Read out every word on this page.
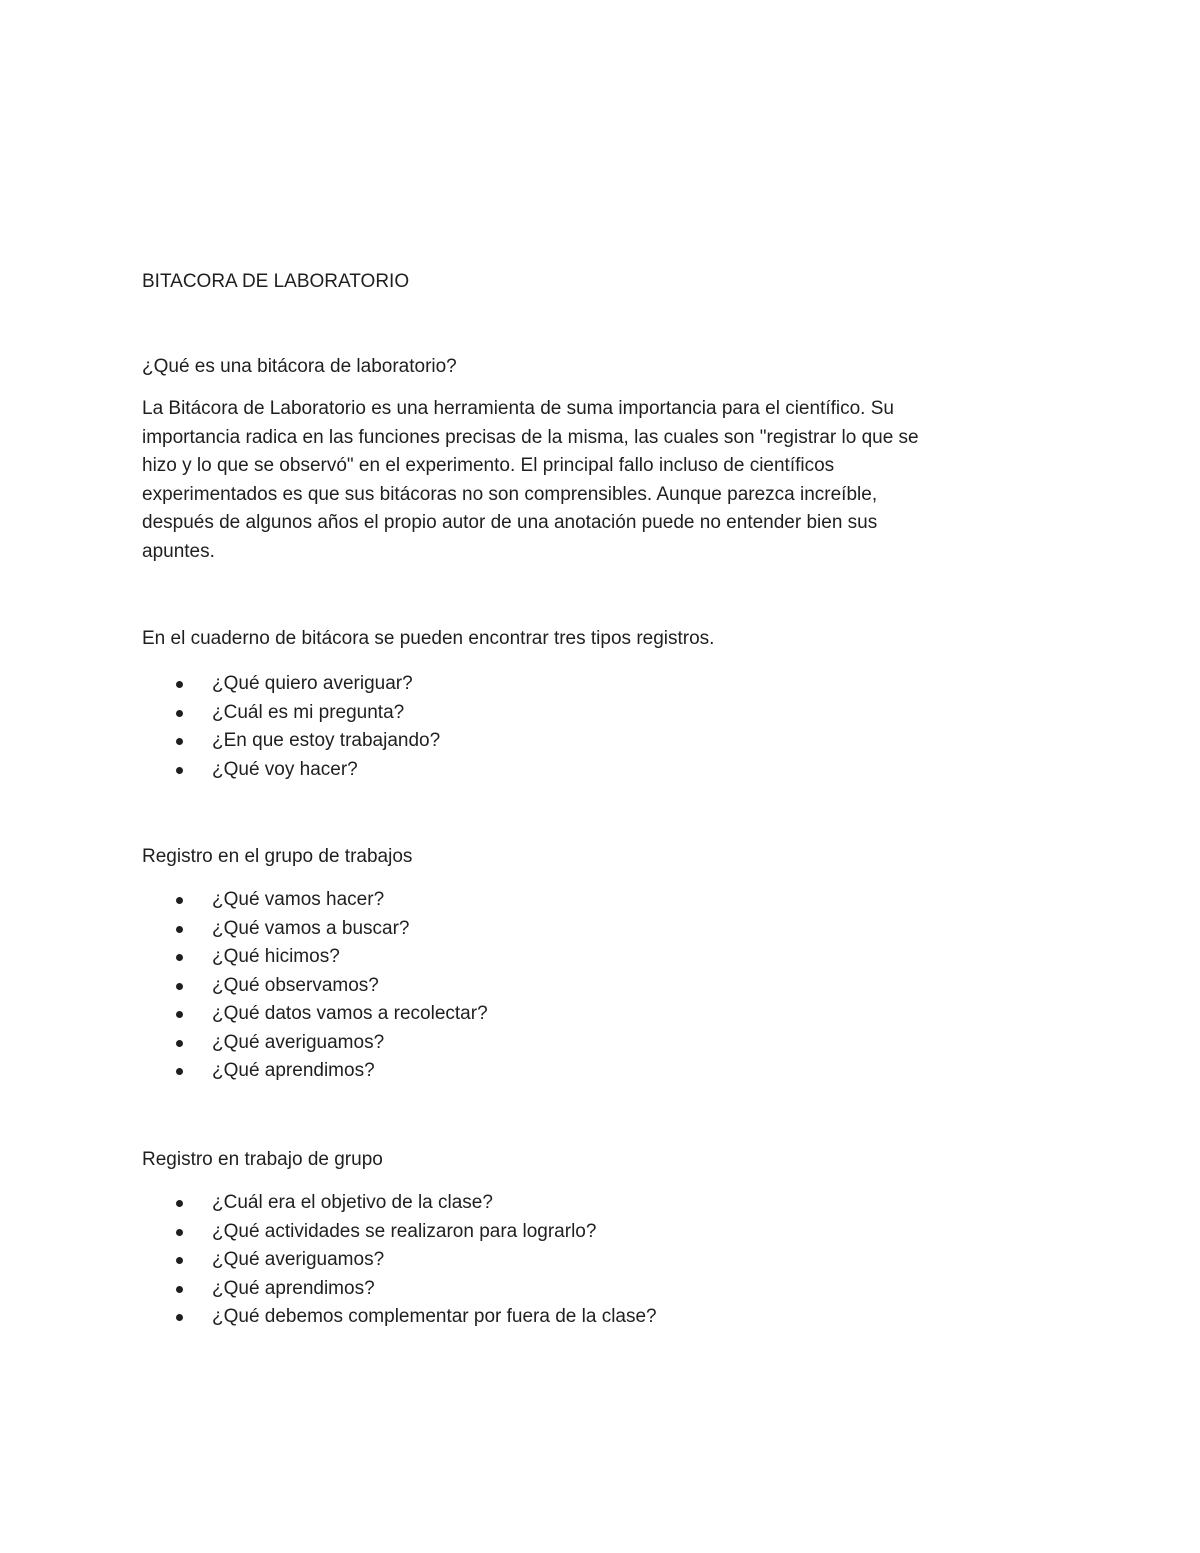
BITACORA DE LABORATORIO

¿Qué es una bitácora de laboratorio?

La Bitácora de Laboratorio es una herramienta de suma importancia para el científico. Su
importancia radica en las funciones precisas de la misma, las cuales son "registrar lo que se
hizo y lo que se observó" en el experimento. El principal fallo incluso de científicos
experimentados es que sus bitácoras no son comprensibles. Aunque parezca increíble,
después de algunos años el propio autor de una anotación puede no entender bien sus
apuntes.

En el cuaderno de bitácora se pueden encontrar tres tipos registros.

¿Qué quiero averiguar?
¿Cuál es mi pregunta?
¿En que estoy trabajando?
¿Qué voy hacer?

Registro en el grupo de trabajos

¿Qué vamos hacer?
¿Qué vamos a buscar?
¿Qué hicimos?
¿Qué observamos?
¿Qué datos vamos a recolectar?
¿Qué averiguamos?
¿Qué aprendimos?

Registro en trabajo de grupo

¿Cuál era el objetivo de la clase?
¿Qué actividades se realizaron para lograrlo?
¿Qué averiguamos?
¿Qué aprendimos?
¿Qué debemos complementar por fuera de la clase?
